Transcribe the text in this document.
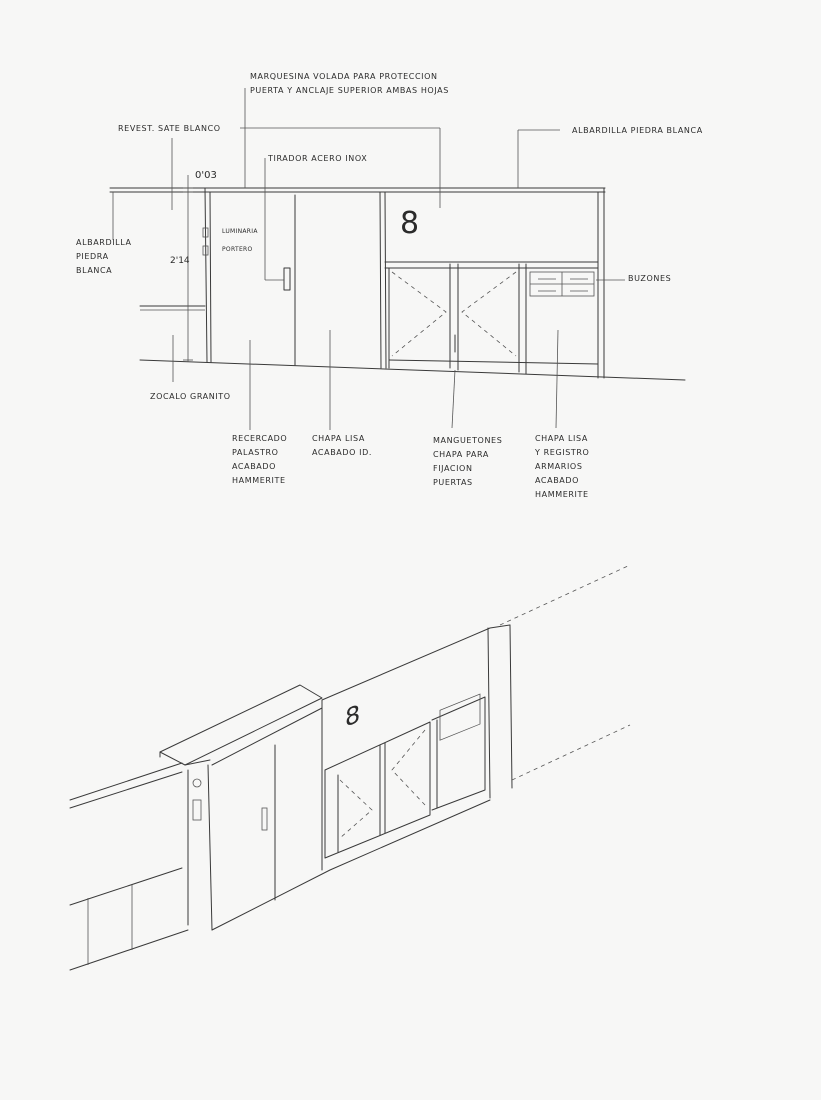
MARQUESINA VOLADA PARA PROTECCION
PUERTA Y ANCLAJE SUPERIOR AMBAS HOJAS
REVEST. SATE BLANCO	ALBARDILLA PIEDRA BLANCA
TIRADOR ACERO INOX
0'03
2'14
ALBARDILLA
PIEDRA
BLANCA
LUMINARIA
PORTERO
8
BUZONES
ZOCALO GRANITO
RECERCADO
PALASTRO
ACABADO
HAMMERITE
CHAPA LISA
ACABADO ID.
MANGUETONES
CHAPA PARA
FIJACION
PUERTAS
CHAPA LISA
Y REGISTRO
ARMARIOS
ACABADO
HAMMERITE
8
